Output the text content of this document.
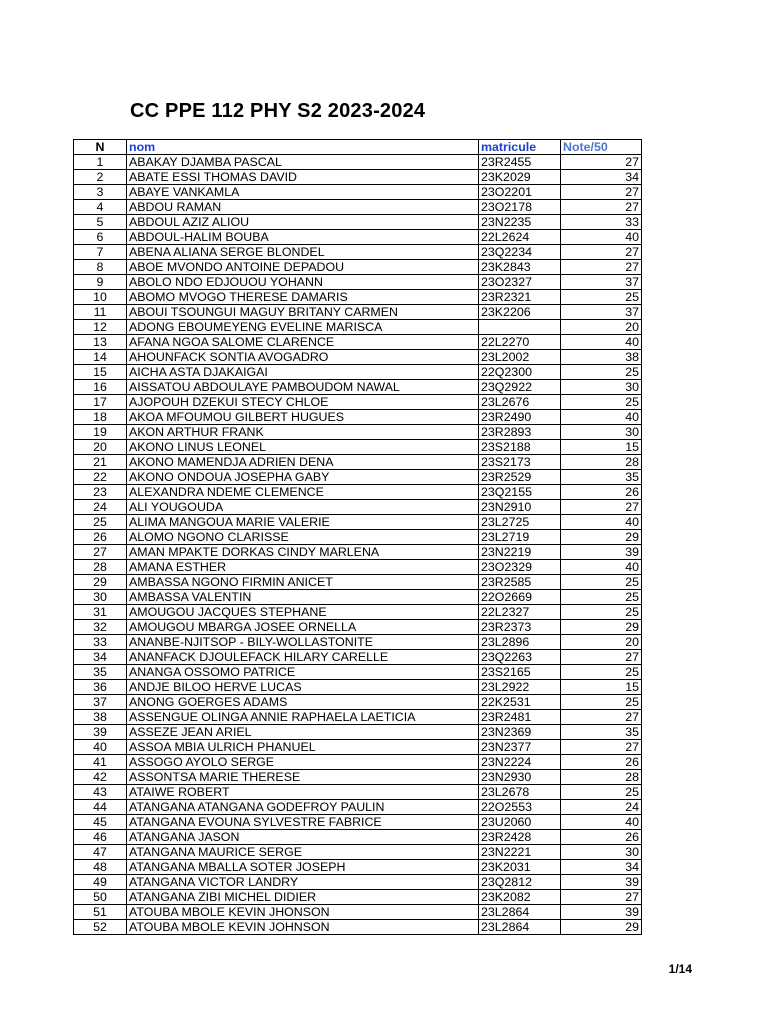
CC PPE 112 PHY S2 2023-2024
N	nom	matricule	Note/50
1	ABAKAY DJAMBA PASCAL	23R2455	27
2	ABATE ESSI THOMAS DAVID	23K2029	34
3	ABAYE VANKAMLA	23O2201	27
4	ABDOU RAMAN	23O2178	27
5	ABDOUL AZIZ ALIOU	23N2235	33
6	ABDOUL-HALIM BOUBA	22L2624	40
7	ABENA ALIANA SERGE BLONDEL	23Q2234	27
8	ABOE MVONDO ANTOINE DEPADOU	23K2843	27
9	ABOLO NDO EDJOUOU YOHANN	23O2327	37
10	ABOMO MVOGO THERESE DAMARIS	23R2321	25
11	ABOUI TSOUNGUI MAGUY BRITANY CARMEN	23K2206	37
12	ADONG EBOUMEYENG EVELINE MARISCA		20
13	AFANA NGOA SALOME CLARENCE	22L2270	40
14	AHOUNFACK SONTIA AVOGADRO	23L2002	38
15	AICHA ASTA DJAKAIGAI	22Q2300	25
16	AISSATOU ABDOULAYE PAMBOUDOM NAWAL	23Q2922	30
17	AJOPOUH DZEKUI STECY CHLOE	23L2676	25
18	AKOA MFOUMOU GILBERT HUGUES	23R2490	40
19	AKON ARTHUR FRANK	23R2893	30
20	AKONO LINUS LEONEL	23S2188	15
21	AKONO MAMENDJA ADRIEN DENA	23S2173	28
22	AKONO ONDOUA JOSEPHA GABY	23R2529	35
23	ALEXANDRA NDEME CLEMENCE	23Q2155	26
24	ALI YOUGOUDA	23N2910	27
25	ALIMA MANGOUA MARIE VALERIE	23L2725	40
26	ALOMO NGONO CLARISSE	23L2719	29
27	AMAN MPAKTE DORKAS CINDY MARLENA	23N2219	39
28	AMANA ESTHER	23O2329	40
29	AMBASSA NGONO FIRMIN ANICET	23R2585	25
30	AMBASSA VALENTIN	22O2669	25
31	AMOUGOU JACQUES STEPHANE	22L2327	25
32	AMOUGOU MBARGA JOSEE ORNELLA	23R2373	29
33	ANANBE-NJITSOP - BILY-WOLLASTONITE	23L2896	20
34	ANANFACK DJOULEFACK HILARY CARELLE	23Q2263	27
35	ANANGA OSSOMO PATRICE	23S2165	25
36	ANDJE BILOO HERVE LUCAS	23L2922	15
37	ANONG GOERGES ADAMS	22K2531	25
38	ASSENGUE OLINGA ANNIE RAPHAELA LAETICIA	23R2481	27
39	ASSEZE JEAN ARIEL	23N2369	35
40	ASSOA MBIA ULRICH PHANUEL	23N2377	27
41	ASSOGO AYOLO SERGE	23N2224	26
42	ASSONTSA MARIE THERESE	23N2930	28
43	ATAIWE ROBERT	23L2678	25
44	ATANGANA ATANGANA GODEFROY PAULIN	22O2553	24
45	ATANGANA EVOUNA SYLVESTRE FABRICE	23U2060	40
46	ATANGANA JASON	23R2428	26
47	ATANGANA MAURICE SERGE	23N2221	30
48	ATANGANA MBALLA SOTER JOSEPH	23K2031	34
49	ATANGANA VICTOR LANDRY	23Q2812	39
50	ATANGANA ZIBI MICHEL DIDIER	23K2082	27
51	ATOUBA MBOLE KEVIN JHONSON	23L2864	39
52	ATOUBA MBOLE KEVIN JOHNSON	23L2864	29
1/14
